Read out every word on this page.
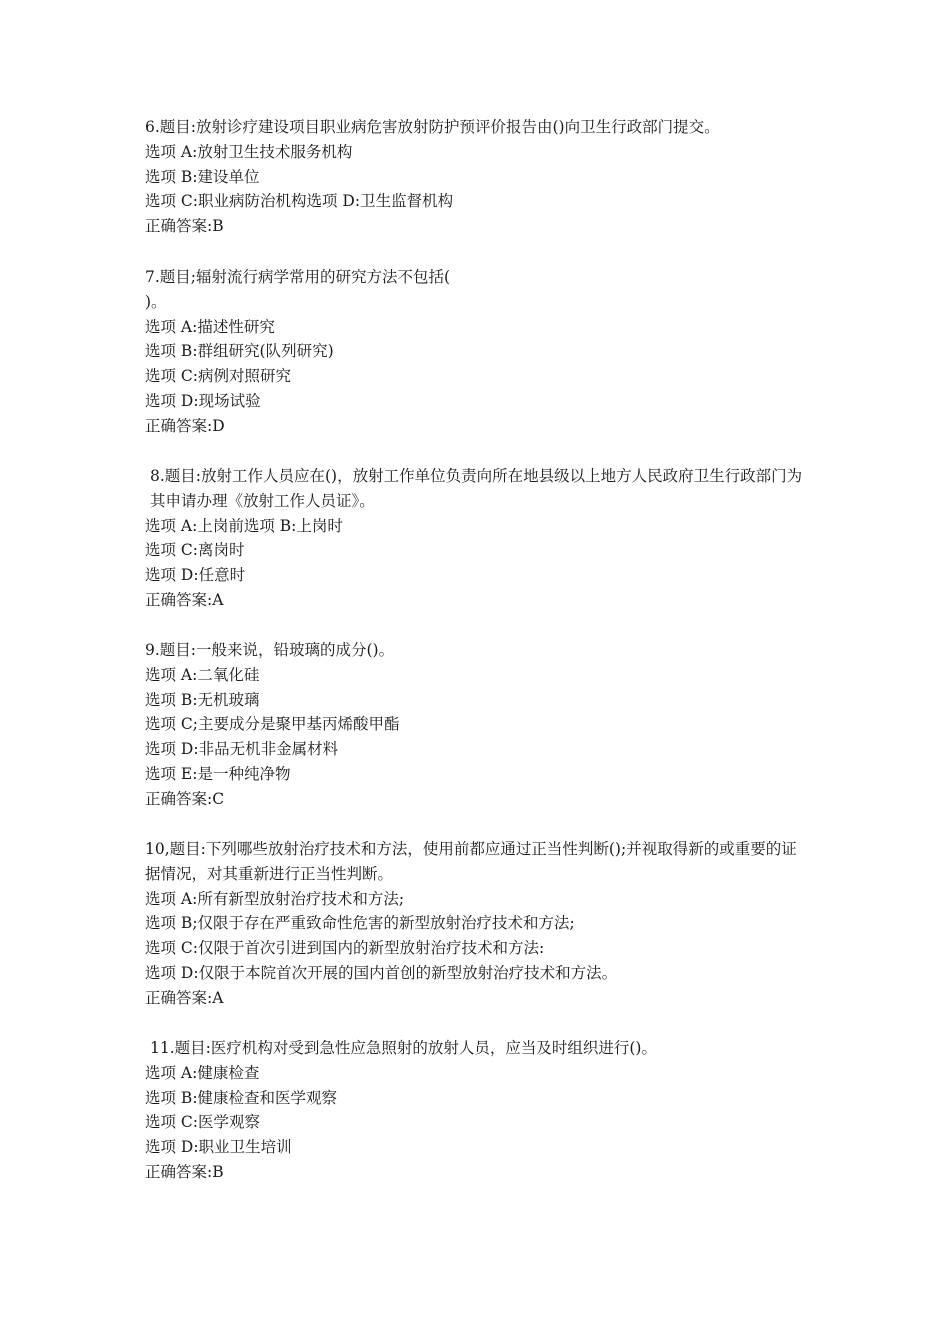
6.题目:放射诊疗建设项目职业病危害放射防护预评价报告由()向卫生行政部门提交。
选项 A:放射卫生技术服务机构
选项 B:建设单位
选项 C:职业病防治机构选项 D:卫生监督机构
正确答案:B
7.题目;辐射流行病学常用的研究方法不包括(
)。
选项 A:描述性研究
选项 B:群组研究(队列研究)
选项 C:病例对照研究
选项 D:现场试验
正确答案:D
8.题目:放射工作人员应在()，放射工作单位负责向所在地县级以上地方人民政府卫生行政部门为其申请办理《放射工作人员证》。
选项 A:上岗前选项 B:上岗时
选项 C:离岗时
选项 D:任意时
正确答案:A
9.题目:一般来说，铅玻璃的成分()。
选项 A:二氧化硅
选项 B:无机玻璃
选项 C;主要成分是聚甲基丙烯酸甲酯
选项 D:非品无机非金属材料
选项 E:是一种纯净物
正确答案:C
10,题目:下列哪些放射治疗技术和方法，使用前都应通过正当性判断();并视取得新的或重要的证据情况，对其重新进行正当性判断。
选项 A:所有新型放射治疗技术和方法;
选项 B;仅限于存在严重致命性危害的新型放射治疗技术和方法;
选项 C:仅限于首次引进到国内的新型放射治疗技术和方法:
选项 D:仅限于本院首次开展的国内首创的新型放射治疗技术和方法。
正确答案:A
11.题目:医疗机构对受到急性应急照射的放射人员，应当及时组织进行()。
选项 A:健康检查
选项 B:健康检查和医学观察
选项 C:医学观察
选项 D:职业卫生培训
正确答案:B
